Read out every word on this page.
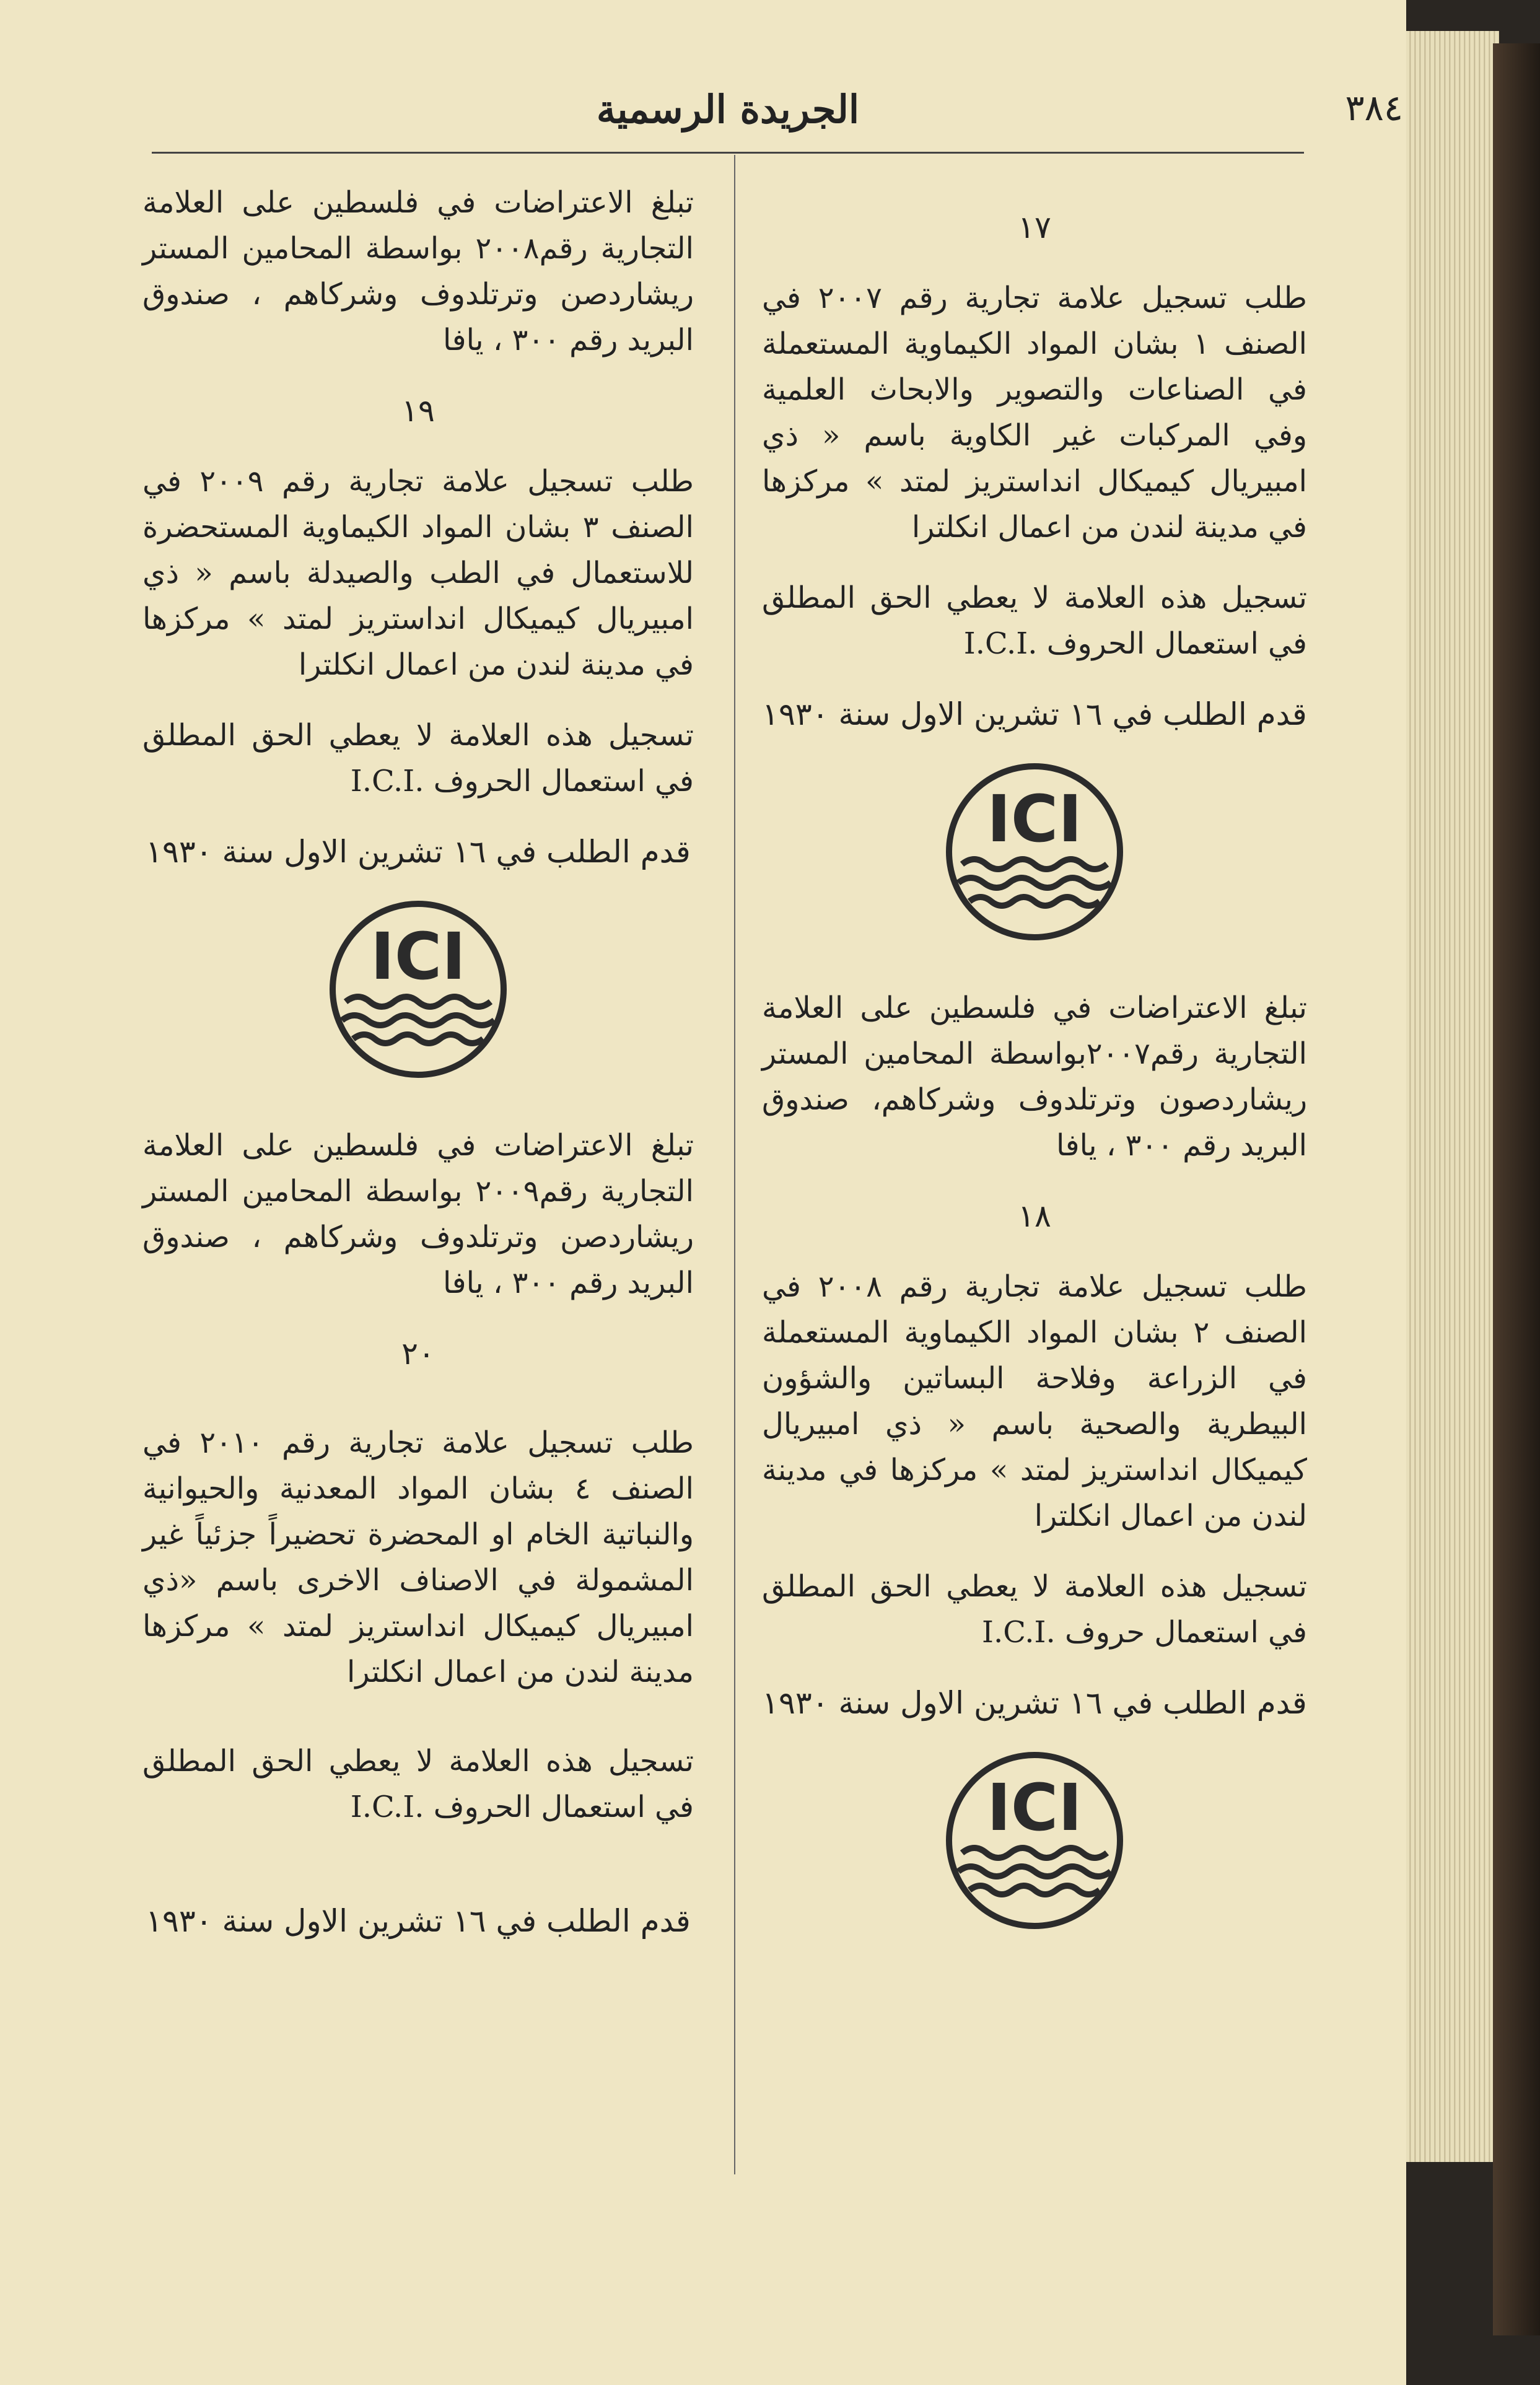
الجريدة الرسمية	٣٨٤
١٧

طلب تسجيل علامة تجارية رقم ٢٠٠٧ في الصنف ١ بشان المواد الكيماوية المستعملة في الصناعات والتصوير والابحاث العلمية وفي المركبات غير الكاوية باسم « ذي امبيريال كيميكال انداستريز لمتد » مركزها في مدينة لندن من اعمال انكلترا

تسجيل هذه العلامة لا يعطي الحق المطلق في استعمال الحروف .I.C.I

قدم الطلب في ١٦ تشرين الاول سنة ١٩٣٠

ICI

تبلغ الاعتراضات في فلسطين على العلامة التجارية رقم٢٠٠٧بواسطة المحامين المستر ريشاردصون وترتلدوف وشركاهم، صندوق البريد رقم ٣٠٠ ، يافا

١٨

طلب تسجيل علامة تجارية رقم ٢٠٠٨ في الصنف ٢ بشان المواد الكيماوية المستعملة في الزراعة وفلاحة البساتين والشؤون البيطرية والصحية باسم « ذي امبيريال كيميكال انداستريز لمتد » مركزها في مدينة لندن من اعمال انكلترا

تسجيل هذه العلامة لا يعطي الحق المطلق في استعمال حروف .I.C.I

قدم الطلب في ١٦ تشرين الاول سنة ١٩٣٠

ICI

تبلغ الاعتراضات في فلسطين على العلامة التجارية رقم٢٠٠٨ بواسطة المحامين المستر ريشاردصن وترتلدوف وشركاهم ، صندوق البريد رقم ٣٠٠ ، يافا

١٩

طلب تسجيل علامة تجارية رقم ٢٠٠٩ في الصنف ٣ بشان المواد الكيماوية المستحضرة للاستعمال في الطب والصيدلة باسم « ذي امبيريال كيميكال انداستريز لمتد » مركزها في مدينة لندن من اعمال انكلترا

تسجيل هذه العلامة لا يعطي الحق المطلق في استعمال الحروف .I.C.I

قدم الطلب في ١٦ تشرين الاول سنة ١٩٣٠

ICI

تبلغ الاعتراضات في فلسطين على العلامة التجارية رقم٢٠٠٩ بواسطة المحامين المستر ريشاردصن وترتلدوف وشركاهم ، صندوق البريد رقم ٣٠٠ ، يافا

٢٠

طلب تسجيل علامة تجارية رقم ٢٠١٠ في الصنف ٤ بشان المواد المعدنية والحيوانية والنباتية الخام او المحضرة تحضيراً جزئياً غير المشمولة في الاصناف الاخرى باسم «ذي امبيريال كيميكال انداستريز لمتد » مركزها مدينة لندن من اعمال انكلترا

تسجيل هذه العلامة لا يعطي الحق المطلق في استعمال الحروف .I.C.I

قدم الطلب في ١٦ تشرين الاول سنة ١٩٣٠
